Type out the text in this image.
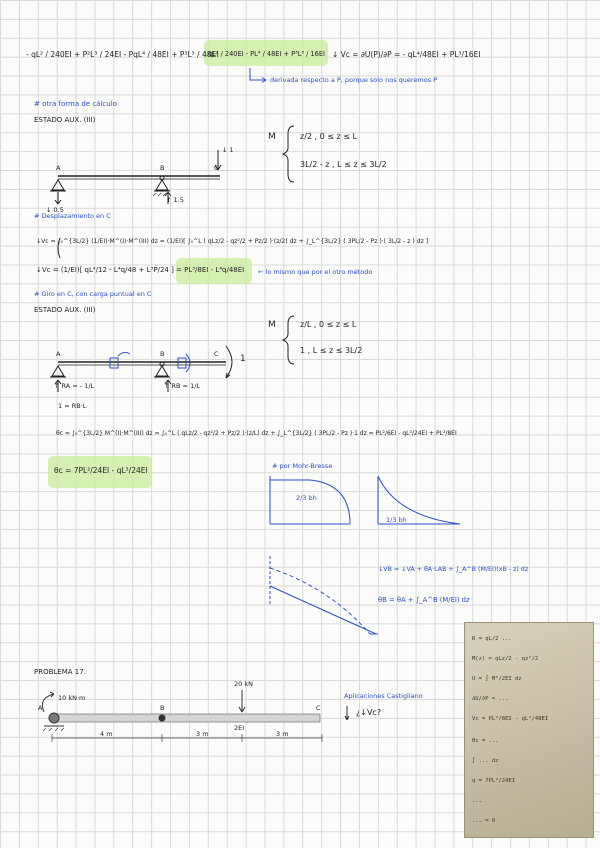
- qL² / 240EI + P²L³ / 24EI - PqL⁴ / 48EI + P³L³ / 48EI
qL² / 240EI - PL⁴ / 48EI + P³L³ / 16EI ↓ Vc = ∂U(P)/∂P = - qL⁴/48EI + PL³/16EI
derivada respecto a P, porque solo nos queremos P
# otra forma de cálculo
ESTADO AUX. (III)
M	z/2 , 0 ≤ z ≤ L
3L/2 - z , L ≤ z ≤ 3L/2
↓ 1
A	B	C
↓ 0.5
↑ 1.5
# Desplazamiento en C
↓Vc = ∫₀^{3L/2} (1/EI)·M^(I)·M^(III) dz = (1/EI)[ ∫₀^L ( qLz/2 - qz²/2 + Pz/2 )·(z/2) dz + ∫_L^{3L/2} ( 3PL/2 - Pz )·( 3L/2 - z ) dz ]
↓Vc = (1/EI)[ qL⁴/12 - L⁴q/48 + L³P/24 ] = PL³/8EI - L⁴q/48EI ← lo mismo que por el otro método
# Giro en C, con carga puntual en C
ESTADO AUX. (III)
M	z/L , 0 ≤ z ≤ L
1 , L ≤ z ≤ 3L/2
1
A	B	C
↑ RA = - 1/L	↑ RB = 1/L
1 = RB·L
θc = ∫₀^{3L/2} M^(I)·M^(III) dz = ∫₀^L ( qLz/2 - qz²/2 + Pz/2 )·(z/L) dz + ∫_L^{3L/2} ( 3PL/2 - Pz )·1 dz = PL²/6EI - qL³/24EI + PL²/8EI
θc = 7PL²/24EI - qL³/24EI	# por Mohr-Bresse
2/3 bh
1/3 bh
↓VB = ↓VA + θA·LAB + ∫_A^B (M/EI)(xB - z) dz
θB = θA + ∫_A^B (M/EI) dz
PROBLEMA 17.
10 kN·m
20 kN
A	B	C
2EI
4 m	3 m	3 m
Aplicaciones Castigliano
¿↓Vc?
R = qL/2 ...
M(z) = qLz/2 - qz²/2
U = ∫ M²/2EI dz
∂U/∂P = ...
Vc = PL³/8EI - qL⁴/48EI
θc = ...
∫ ... dz
q = 7PL²/24EI
...
... = 0
